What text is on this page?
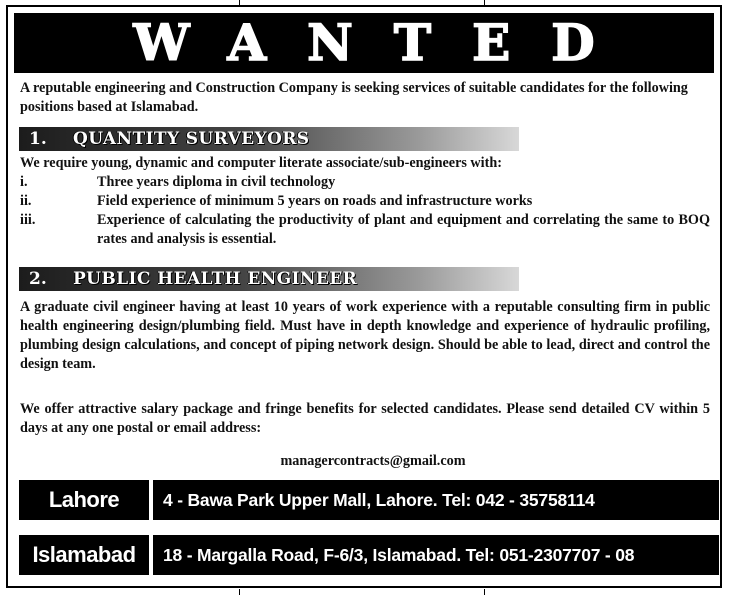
WANTED
A reputable engineering and Construction Company is seeking services of suitable candidates for the following positions based at Islamabad.
1.	QUANTITY SURVEYORS
We require young, dynamic and computer literate associate/sub-engineers with:
i.	Three years diploma in civil technology
ii.	Field experience of minimum 5 years on roads and infrastructure works
iii.	Experience of calculating the productivity of plant and equipment and correlating the same to BOQ rates and analysis is essential.
2.	PUBLIC HEALTH ENGINEER
A graduate civil engineer having at least 10 years of work experience with a reputable consulting firm in public health engineering design/plumbing field. Must have in depth knowledge and experience of hydraulic profiling, plumbing design calculations, and concept of piping network design. Should be able to lead, direct and control the design team.
We offer attractive salary package and fringe benefits for selected candidates. Please send detailed CV within 5 days at any one postal or email address:
managercontracts@gmail.com
Lahore	4 - Bawa Park Upper Mall, Lahore. Tel: 042 - 35758114
Islamabad	18 - Margalla Road, F-6/3, Islamabad. Tel: 051-2307707 - 08
